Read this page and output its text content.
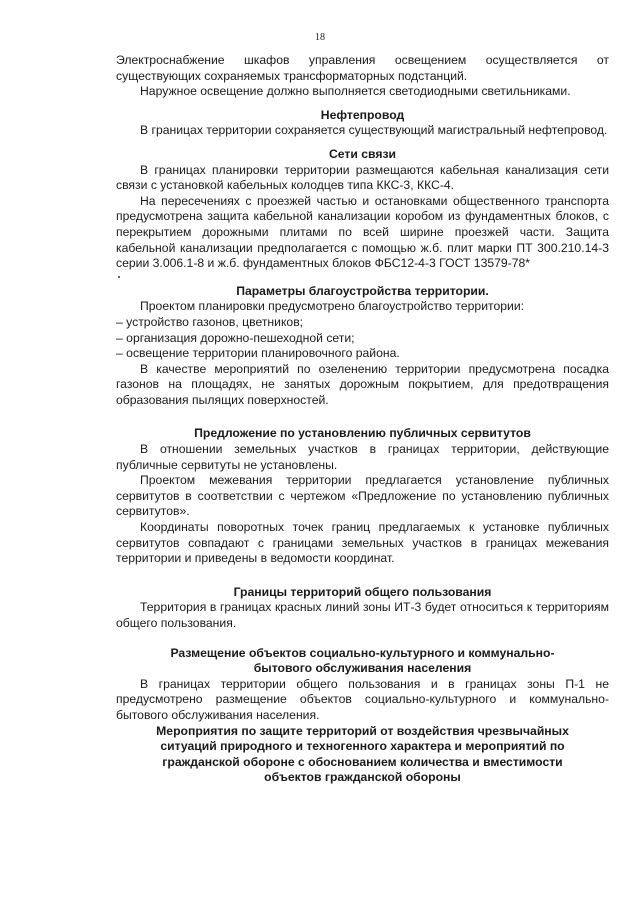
18

Электроснабжение шкафов управления освещением осуществляется от существующих сохраняемых трансформаторных подстанций.

Наружное освещение должно выполняется светодиодными светильниками.

Нефтепровод

В границах территории сохраняется существующий магистральный нефтепровод.

Сети связи

В границах планировки территории размещаются кабельная канализация сети связи с установкой кабельных колодцев типа ККС-3, ККС-4.

На пересечениях с проезжей частью и остановками общественного транспорта предусмотрена защита кабельной канализации коробом из фундаментных блоков, с перекрытием дорожными плитами по всей ширине проезжей части. Защита кабельной канализации предполагается с помощью ж.б. плит марки ПТ 300.210.14-3 серии 3.006.1-8 и ж.б. фундаментных блоков ФБС12-4-3 ГОСТ 13579-78*

Параметры благоустройства территории.

Проектом планировки предусмотрено благоустройство территории:

– устройство газонов, цветников;
– организация дорожно-пешеходной сети;
– освещение территории планировочного района.

В качестве мероприятий по озеленению территории предусмотрена посадка газонов на площадях, не занятых дорожным покрытием, для предотвращения образования пылящих поверхностей.

Предложение по установлению публичных сервитутов

В отношении земельных участков в границах территории, действующие публичные сервитуты не установлены.

Проектом межевания территории предлагается установление публичных сервитутов в соответствии с чертежом «Предложение по установлению публичных сервитутов».

Координаты поворотных точек границ предлагаемых к установке публичных сервитутов совпадают с границами земельных участков в границах межевания территории и приведены в ведомости координат.

Границы территорий общего пользования

Территория в границах красных линий зоны ИТ-3 будет относиться к территориям общего пользования.

Размещение объектов социально-культурного и коммунально-
бытового обслуживания населения

В границах территории общего пользования и в границах зоны П-1 не предусмотрено размещение объектов социально-культурного и коммунально-бытового обслуживания населения.

Мероприятия по защите территорий от воздействия чрезвычайных
ситуаций природного и техногенного характера и мероприятий по
гражданской обороне с обоснованием количества и вместимости
объектов гражданской обороны
